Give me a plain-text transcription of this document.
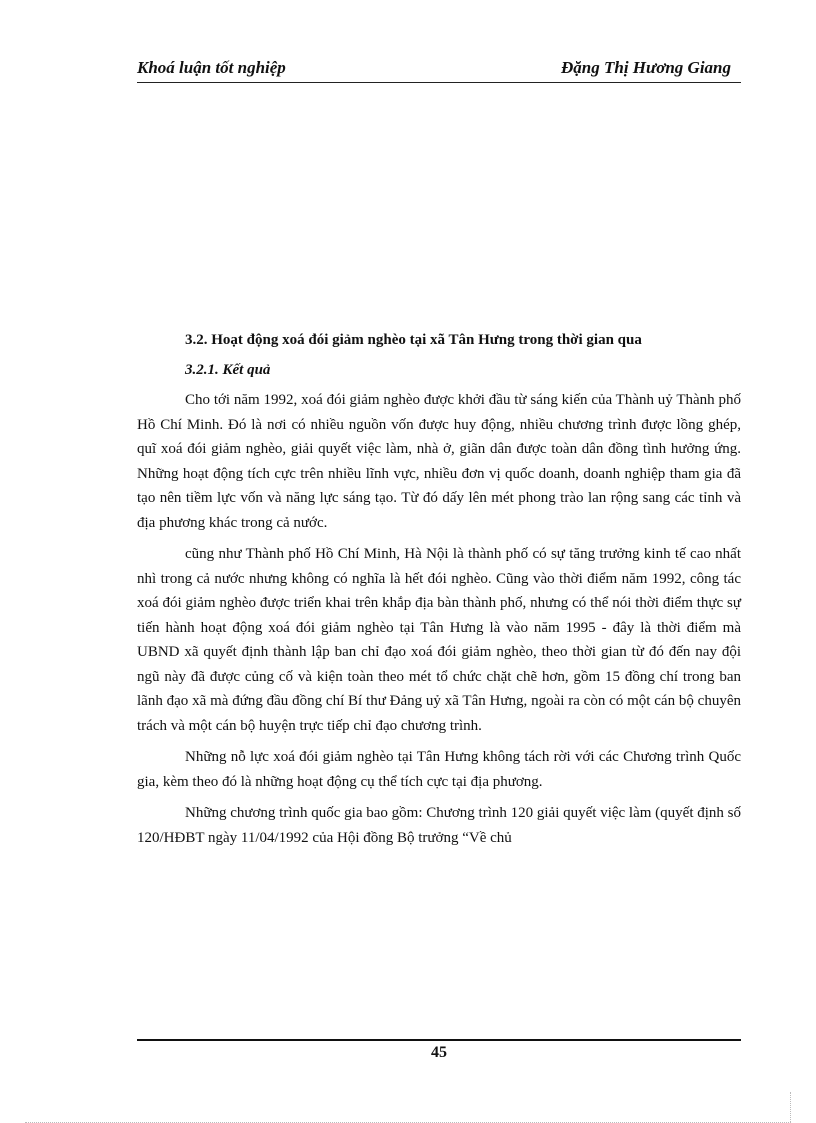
Khoá luận tốt nghiệp	Đặng Thị Hương Giang
3.2. Hoạt động xoá đói giảm nghèo tại xã Tân Hưng trong thời gian qua
3.2.1. Kết quả

Cho tới năm 1992, xoá đói giảm nghèo được khởi đầu từ sáng kiến của Thành uỷ Thành phố Hồ Chí Minh. Đó là nơi có nhiều nguồn vốn được huy động, nhiều chương trình được lồng ghép, quĩ xoá đói giảm nghèo, giải quyết việc làm, nhà ở, giãn dân được toàn dân đồng tình hưởng ứng. Những hoạt động tích cực trên nhiều lĩnh vực, nhiều đơn vị quốc doanh, doanh nghiệp tham gia đã tạo nên tiềm lực vốn và năng lực sáng tạo. Từ đó dấy lên mét phong trào lan rộng sang các tỉnh và địa phương khác trong cả nước.

cũng như Thành phố Hồ Chí Minh, Hà Nội là thành phố có sự tăng trưởng kinh tế cao nhất nhì trong cả nước nhưng không có nghĩa là hết đói nghèo. Cũng vào thời điểm năm 1992, công tác xoá đói giảm nghèo được triển khai trên khắp địa bàn thành phố, nhưng có thể nói thời điểm thực sự tiến hành hoạt động xoá đói giảm nghèo tại Tân Hưng là vào năm 1995 - đây là thời điểm mà UBND xã quyết định thành lập ban chỉ đạo xoá đói giảm nghèo, theo thời gian từ đó đến nay đội ngũ này đã được củng cố và kiện toàn theo mét tổ chức chặt chẽ hơn, gồm 15 đồng chí trong ban lãnh đạo xã mà đứng đầu đồng chí Bí thư Đảng uỷ xã Tân Hưng, ngoài ra còn có một cán bộ chuyên trách và một cán bộ huyện trực tiếp chỉ đạo chương trình.

Những nỗ lực xoá đói giảm nghèo tại Tân Hưng không tách rời với các Chương trình Quốc gia, kèm theo đó là những hoạt động cụ thể tích cực tại địa phương.

Những chương trình quốc gia bao gồm: Chương trình 120 giải quyết việc làm (quyết định số 120/HĐBT ngày 11/04/1992 của Hội đồng Bộ trưởng “Về chủ

45
